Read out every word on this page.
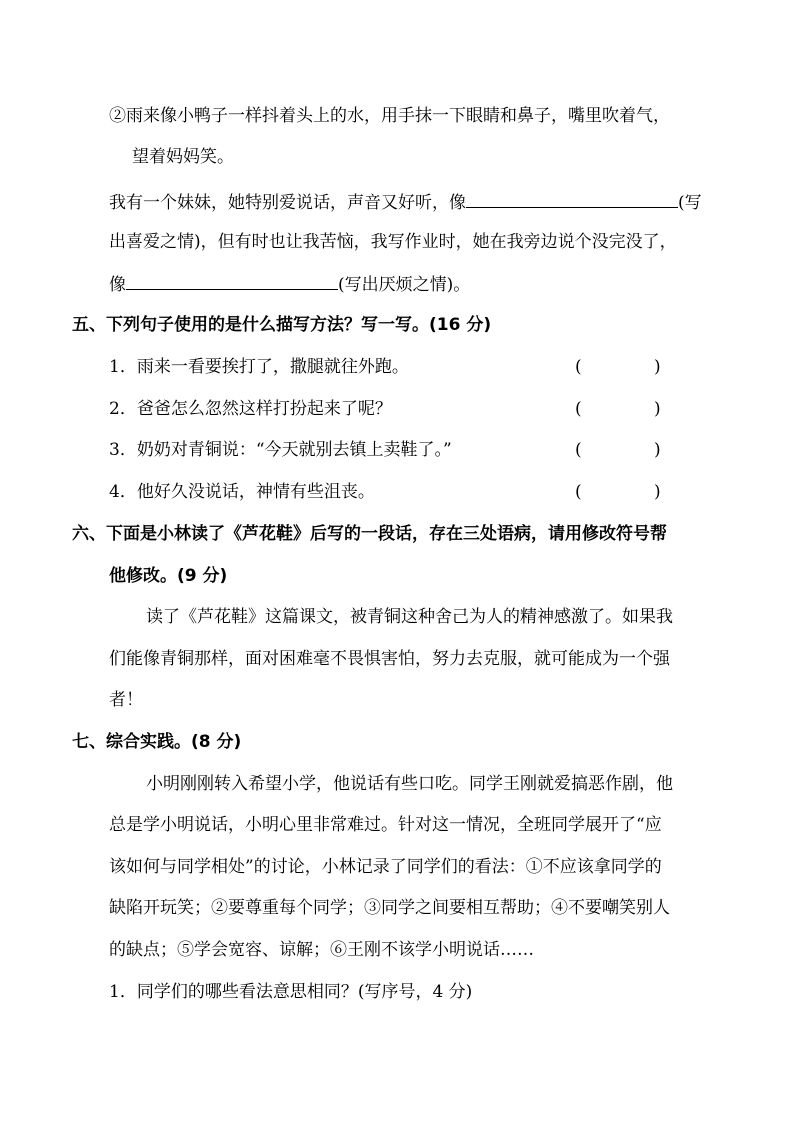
②雨来像小鸭子一样抖着头上的水，用手抹一下眼睛和鼻子，嘴里吹着气，
望着妈妈笑。
我有一个妹妹，她特别爱说话，声音又好听，像	(写
出喜爱之情)，但有时也让我苦恼，我写作业时，她在我旁边说个没完没了，
像	(写出厌烦之情)。
五、下列句子使用的是什么描写方法？写一写。(16 分)
1．雨来一看要挨打了，撒腿就往外跑。	(	)
2．爸爸怎么忽然这样打扮起来了呢？	(	)
3．奶奶对青铜说：“今天就别去镇上卖鞋了。”	(	)
4．他好久没说话，神情有些沮丧。	(	)
六、下面是小林读了《芦花鞋》后写的一段话，存在三处语病，请用修改符号帮
他修改。(9 分)
读了《芦花鞋》这篇课文，被青铜这种舍己为人的精神感激了。如果我
们能像青铜那样，面对困难毫不畏惧害怕，努力去克服，就可能成为一个强
者！
七、综合实践。(8 分)
小明刚刚转入希望小学，他说话有些口吃。同学王刚就爱搞恶作剧，他
总是学小明说话，小明心里非常难过。针对这一情况，全班同学展开了“应
该如何与同学相处”的讨论，小林记录了同学们的看法：①不应该拿同学的
缺陷开玩笑；②要尊重每个同学；③同学之间要相互帮助；④不要嘲笑别人
的缺点；⑤学会宽容、谅解；⑥王刚不该学小明说话……
1．同学们的哪些看法意思相同？(写序号，4 分)
